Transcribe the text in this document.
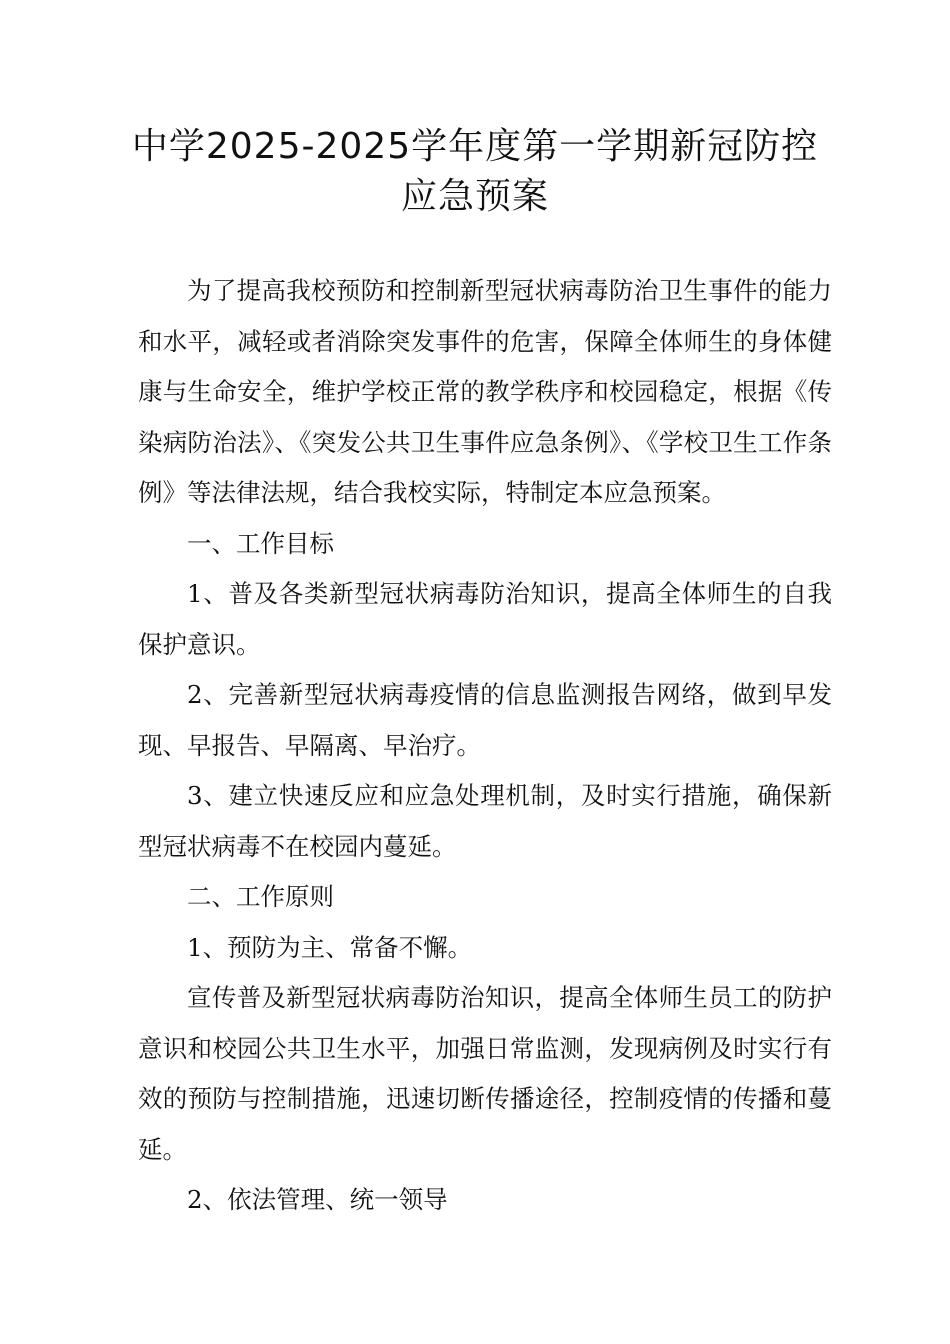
中学2025-2025学年度第一学期新冠防控应急预案

为了提高我校预防和控制新型冠状病毒防治卫生事件的能力和水平，减轻或者消除突发事件的危害，保障全体师生的身体健康与生命安全，维护学校正常的教学秩序和校园稳定，根据《传染病防治法》、《突发公共卫生事件应急条例》、《学校卫生工作条例》等法律法规，结合我校实际，特制定本应急预案。

一、工作目标

1、普及各类新型冠状病毒防治知识，提高全体师生的自我保护意识。

2、完善新型冠状病毒疫情的信息监测报告网络，做到早发现、早报告、早隔离、早治疗。

3、建立快速反应和应急处理机制，及时实行措施，确保新型冠状病毒不在校园内蔓延。

二、工作原则

1、预防为主、常备不懈。

宣传普及新型冠状病毒防治知识，提高全体师生员工的防护意识和校园公共卫生水平，加强日常监测，发现病例及时实行有效的预防与控制措施，迅速切断传播途径，控制疫情的传播和蔓延。

2、依法管理、统一领导
